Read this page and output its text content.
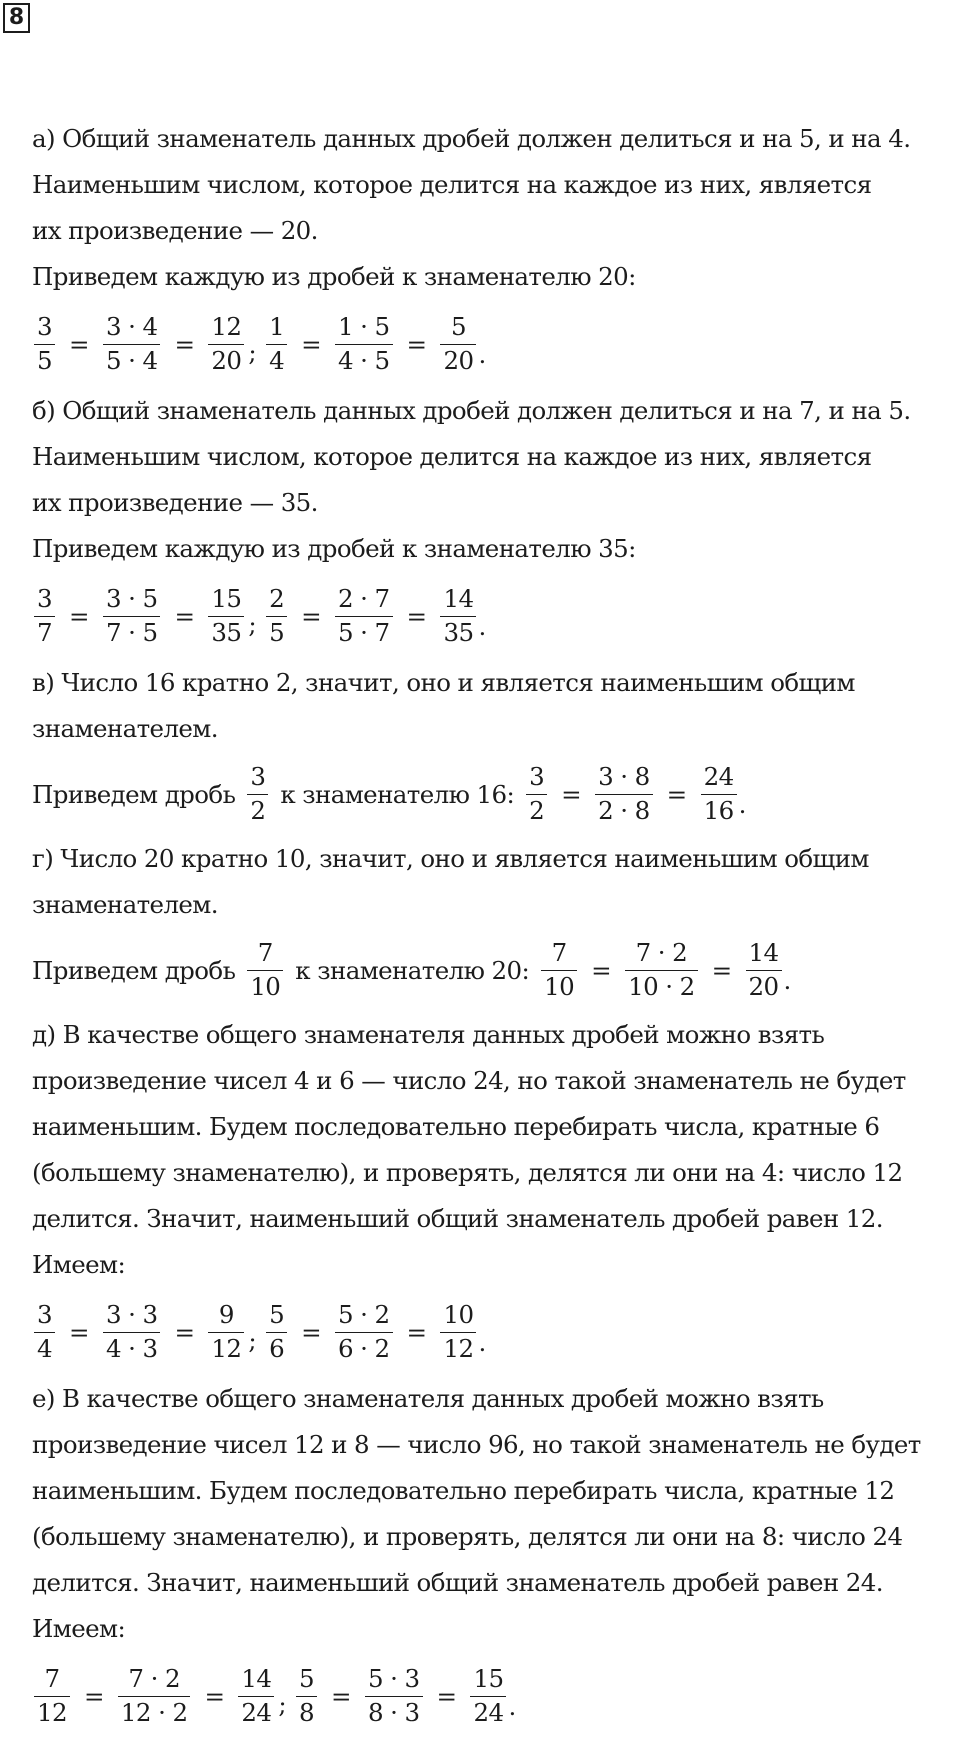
8
а) Общий знаменатель данных дробей должен делиться и на 5, и на 4.
Наименьшим числом, которое делится на каждое из них, является
их произведение — 20.
Приведем каждую из дробей к знаменателю 20:
$\frac{3}{5} = \frac{3 \cdot 4}{5 \cdot 4} = \frac{12}{20}$ ; $\frac{1}{4} = \frac{1 \cdot 5}{4 \cdot 5} = \frac{5}{20}$ .
б) Общий знаменатель данных дробей должен делиться и на 7, и на 5.
Наименьшим числом, которое делится на каждое из них, является
их произведение — 35.
Приведем каждую из дробей к знаменателю 35:
$\frac{3}{7} = \frac{3 \cdot 5}{7 \cdot 5} = \frac{15}{35}$ ; $\frac{2}{5} = \frac{2 \cdot 7}{5 \cdot 7} = \frac{14}{35}$ .
в) Число 16 кратно 2, значит, оно и является наименьшим общим
знаменателем.
Приведем дробь $\frac{3}{2}$ к знаменателю 16: $\frac{3}{2} = \frac{3 \cdot 8}{2 \cdot 8} = \frac{24}{16}$ .
г) Число 20 кратно 10, значит, оно и является наименьшим общим
знаменателем.
Приведем дробь $\frac{7}{10}$ к знаменателю 20: $\frac{7}{10} = \frac{7 \cdot 2}{10 \cdot 2} = \frac{14}{20}$ .
д) В качестве общего знаменателя данных дробей можно взять
произведение чисел 4 и 6 — число 24, но такой знаменатель не будет
наименьшим. Будем последовательно перебирать числа, кратные 6
(большему знаменателю), и проверять, делятся ли они на 4: число 12
делится. Значит, наименьший общий знаменатель дробей равен 12.
Имеем:
$\frac{3}{4} = \frac{3 \cdot 3}{4 \cdot 3} = \frac{9}{12}$ ; $\frac{5}{6} = \frac{5 \cdot 2}{6 \cdot 2} = \frac{10}{12}$ .
е) В качестве общего знаменателя данных дробей можно взять
произведение чисел 12 и 8 — число 96, но такой знаменатель не будет
наименьшим. Будем последовательно перебирать числа, кратные 12
(большему знаменателю), и проверять, делятся ли они на 8: число 24
делится. Значит, наименьший общий знаменатель дробей равен 24.
Имеем:
$\frac{7}{12} = \frac{7 \cdot 2}{12 \cdot 2} = \frac{14}{24}$ ; $\frac{5}{8} = \frac{5 \cdot 3}{8 \cdot 3} = \frac{15}{24}$ .
